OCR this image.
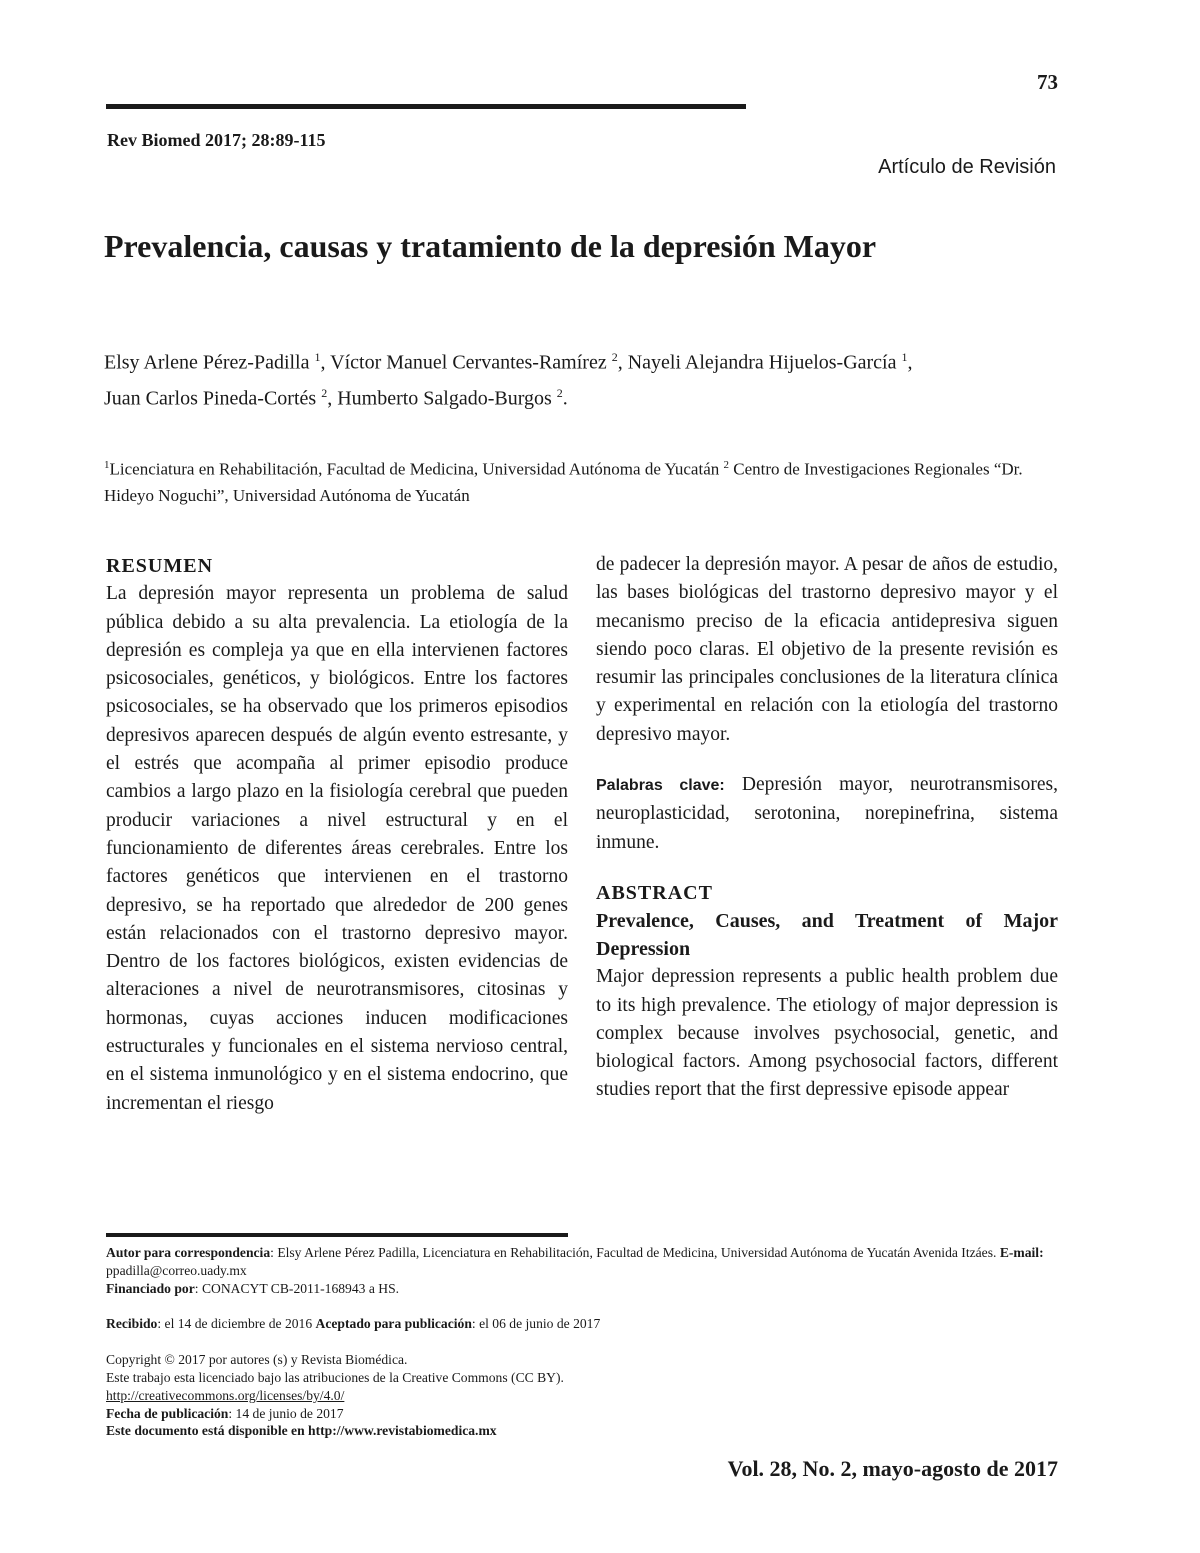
73
Rev Biomed 2017; 28:89-115
Artículo de Revisión
Prevalencia, causas y tratamiento de la depresión Mayor
Elsy Arlene Pérez-Padilla $^1$, Víctor Manuel Cervantes-Ramírez $^2$, Nayeli Alejandra Hijuelos-García $^1$,
Juan Carlos Pineda-Cortés $^2$, Humberto Salgado-Burgos $^2$.
$^1$Licenciatura en Rehabilitación, Facultad de Medicina, Universidad Autónoma de Yucatán $^2$ Centro de Investigaciones Regionales “Dr. Hideyo Noguchi”, Universidad Autónoma de Yucatán
RESUMEN
La depresión mayor representa un problema de salud pública debido a su alta prevalencia. La etiología de la depresión es compleja ya que en ella intervienen factores psicosociales, genéticos, y biológicos. Entre los factores psicosociales, se ha observado que los primeros episodios depresivos aparecen después de algún evento estresante, y el estrés que acompaña al primer episodio produce cambios a largo plazo en la fisiología cerebral que pueden producir variaciones a nivel estructural y en el funcionamiento de diferentes áreas cerebrales. Entre los factores genéticos que intervienen en el trastorno depresivo, se ha reportado que alrededor de 200 genes están relacionados con el trastorno depresivo mayor. Dentro de los factores biológicos, existen evidencias de alteraciones a nivel de neurotransmisores, citosinas y hormonas, cuyas acciones inducen modificaciones estructurales y funcionales en el sistema nervioso central, en el sistema inmunológico y en el sistema endocrino, que incrementan el riesgo
de padecer la depresión mayor. A pesar de años de estudio, las bases biológicas del trastorno depresivo mayor y el mecanismo preciso de la eficacia antidepresiva siguen siendo poco claras. El objetivo de la presente revisión es resumir las principales conclusiones de la literatura clínica y experimental en relación con la etiología del trastorno depresivo mayor.
Palabras clave: Depresión mayor, neurotransmisores, neuroplasticidad, serotonina, norepinefrina, sistema inmune.
ABSTRACT
Prevalence, Causes, and Treatment of Major Depression
Major depression represents a public health problem due to its high prevalence. The etiology of major depression is complex because involves psychosocial, genetic, and biological factors. Among psychosocial factors, different studies report that the first depressive episode appear
Autor para correspondencia: Elsy Arlene Pérez Padilla, Licenciatura en Rehabilitación, Facultad de Medicina, Universidad Autónoma de Yucatán Avenida Itzáes. E-mail: ppadilla@correo.uady.mx
Financiado por: CONACYT CB-2011-168943 a HS.
Recibido: el 14 de diciembre de 2016 Aceptado para publicación: el 06 de junio de 2017
Copyright © 2017 por autores (s) y Revista Biomédica.
Este trabajo esta licenciado bajo las atribuciones de la Creative Commons (CC BY).
http://creativecommons.org/licenses/by/4.0/
Fecha de publicación: 14 de junio de 2017
Este documento está disponible en http://www.revistabiomedica.mx
Vol. 28, No. 2, mayo-agosto de 2017
